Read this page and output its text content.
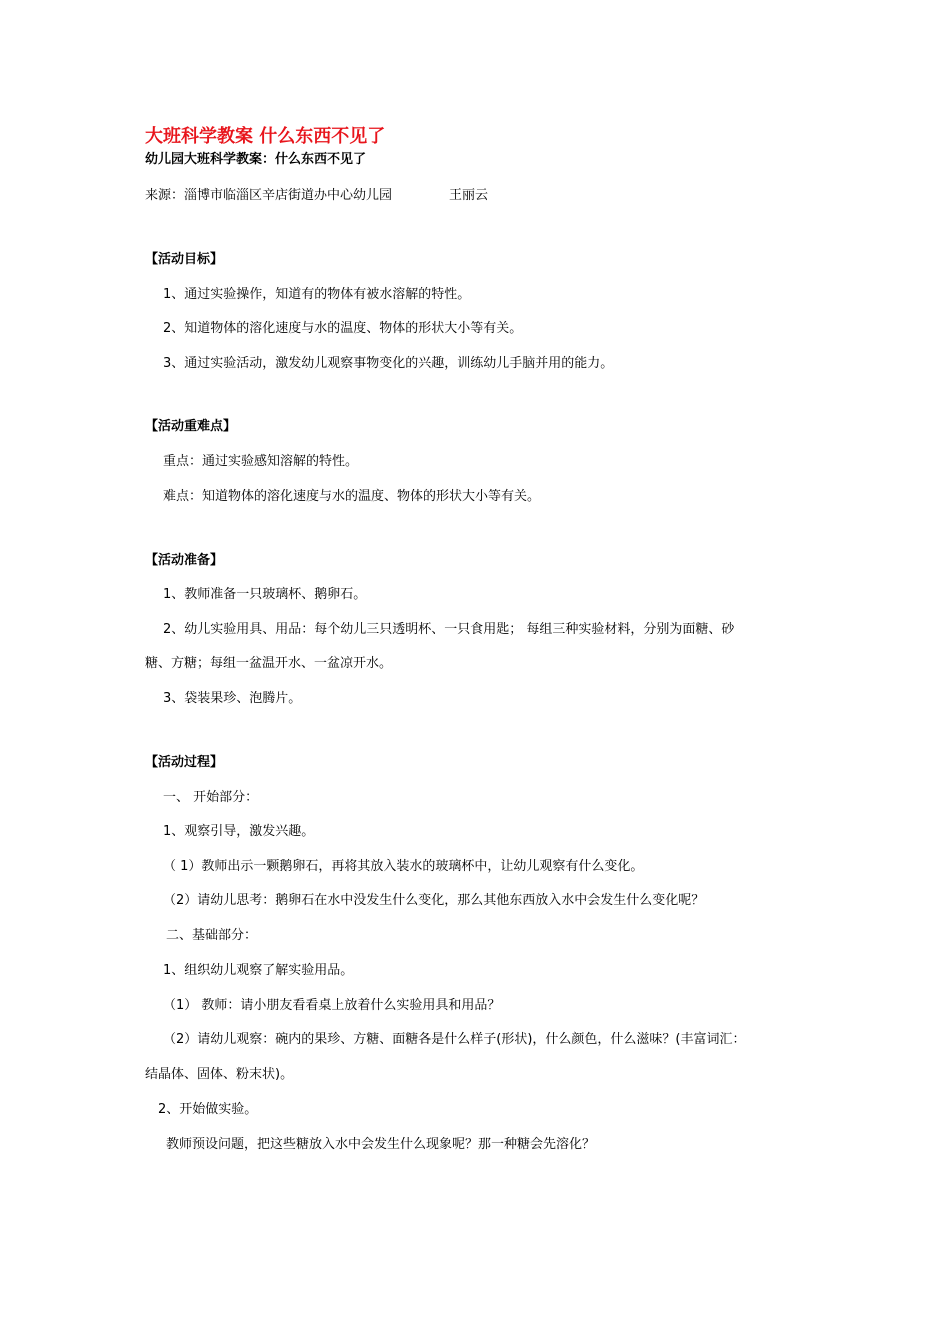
大班科学教案 什么东西不见了
幼儿园大班科学教案：什么东西不见了
来源：淄博市临淄区辛店街道办中心幼儿园	王丽云
【活动目标】
1、通过实验操作，知道有的物体有被水溶解的特性。
2、知道物体的溶化速度与水的温度、物体的形状大小等有关。
3、通过实验活动，激发幼儿观察事物变化的兴趣，训练幼儿手脑并用的能力。
【活动重难点】
重点：通过实验感知溶解的特性。
难点：知道物体的溶化速度与水的温度、物体的形状大小等有关。
【活动准备】
1、教师准备一只玻璃杯、鹅卵石。
2、幼儿实验用具、用品：每个幼儿三只透明杯、一只食用匙； 每组三种实验材料，分别为面糖、砂
糖、方糖；每组一盆温开水、一盆凉开水。
3、袋装果珍、泡腾片。
【活动过程】
一、 开始部分：
1、观察引导，激发兴趣。
（ 1）教师出示一颗鹅卵石，再将其放入装水的玻璃杯中，让幼儿观察有什么变化。
（2）请幼儿思考：鹅卵石在水中没发生什么变化，那么其他东西放入水中会发生什么变化呢？
二、基础部分：
1、组织幼儿观察了解实验用品。
（1） 教师：请小朋友看看桌上放着什么实验用具和用品？
（2）请幼儿观察：碗内的果珍、方糖、面糖各是什么样子(形状)，什么颜色，什么滋味？(丰富词汇：
结晶体、固体、粉末状)。
2、开始做实验。
教师预设问题，把这些糖放入水中会发生什么现象呢？那一种糖会先溶化？
